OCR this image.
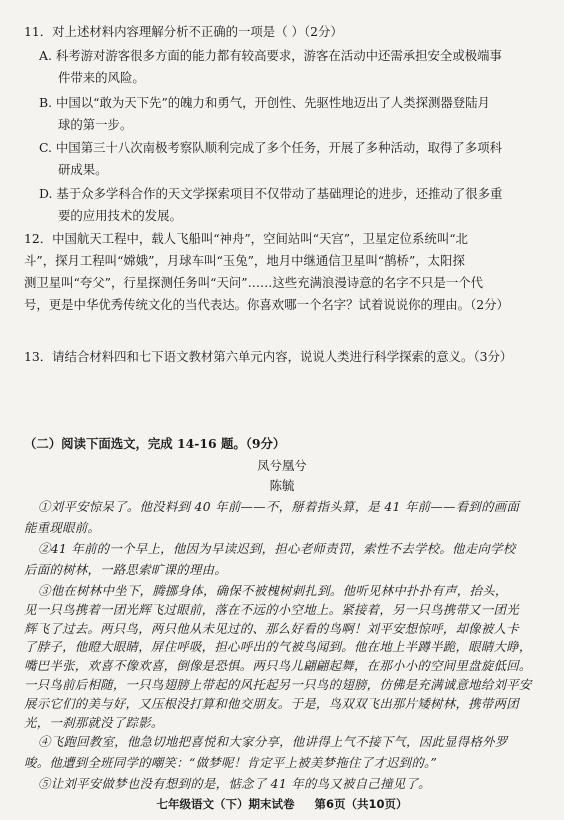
11．对上述材料内容理解分析不正确的一项是（ ）（2分）
A. 科考游对游客很多方面的能力都有较高要求，游客在活动中还需承担安全或极端事
件带来的风险。
B. 中国以“敢为天下先”的魄力和勇气，开创性、先驱性地迈出了人类探测器登陆月
球的第一步。
C. 中国第三十八次南极考察队顺利完成了多个任务，开展了多种活动，取得了多项科
研成果。
D. 基于众多学科合作的天文学探索项目不仅带动了基础理论的进步，还推动了很多重
要的应用技术的发展。
12．中国航天工程中，载人飞船叫“神舟”，空间站叫“天宫”，卫星定位系统叫“北
斗”，探月工程叫“嫦娥”，月球车叫“玉兔”，地月中继通信卫星叫“鹊桥”，太阳探
测卫星叫“夸父”，行星探测任务叫“天问”……这些充满浪漫诗意的名字不只是一个代
号，更是中华优秀传统文化的当代表达。你喜欢哪一个名字？试着说说你的理由。（2分）
13．请结合材料四和七下语文教材第六单元内容，说说人类进行科学探索的意义。（3分）
（二）阅读下面选文，完成 14-16 题。（9分）
凤兮凰兮
陈毓
①刘平安惊呆了。他没料到 40 年前——不，掰着指头算，是 41 年前——看到的画面
能重现眼前。
②41 年前的一个早上，他因为早读迟到，担心老师责罚，索性不去学校。他走向学校
后面的树林，一路思索旷课的理由。
③他在树林中坐下，腾挪身体，确保不被槐树刺扎到。他听见林中扑扑有声，抬头，
见一只鸟携着一团光辉飞过眼前，落在不远的小空地上。紧接着，另一只鸟携带又一团光
辉飞了过去。两只鸟，两只他从未见过的、那么好看的鸟啊！刘平安想惊呼，却像被人卡
了脖子，他瞪大眼睛，屏住呼吸，担心呼出的气被鸟闻到。他在地上半蹲半跪，眼睛大睁，
嘴巴半张，欢喜不像欢喜，倒像是恐惧。两只鸟儿翩翩起舞，在那小小的空间里盘旋低回。
一只鸟前后相随，一只鸟翅膀上带起的风托起另一只鸟的翅膀，仿佛是充满诚意地给刘平安
展示它们的美与好，又压根没打算和他交朋友。于是，鸟双双飞出那片矮树林，携带两团
光，一刹那就没了踪影。
④飞跑回教室，他急切地把喜悦和大家分享，他讲得上气不接下气，因此显得格外罗
唆。他遭到全班同学的嘲笑：“做梦呢！肯定平上被美梦拖住了才迟到的。”
七年级语文（下）期末试卷 第6页（共10页）
⑤让刘平安做梦也没有想到的是，惦念了 41 年的鸟又被自己撞见了。
